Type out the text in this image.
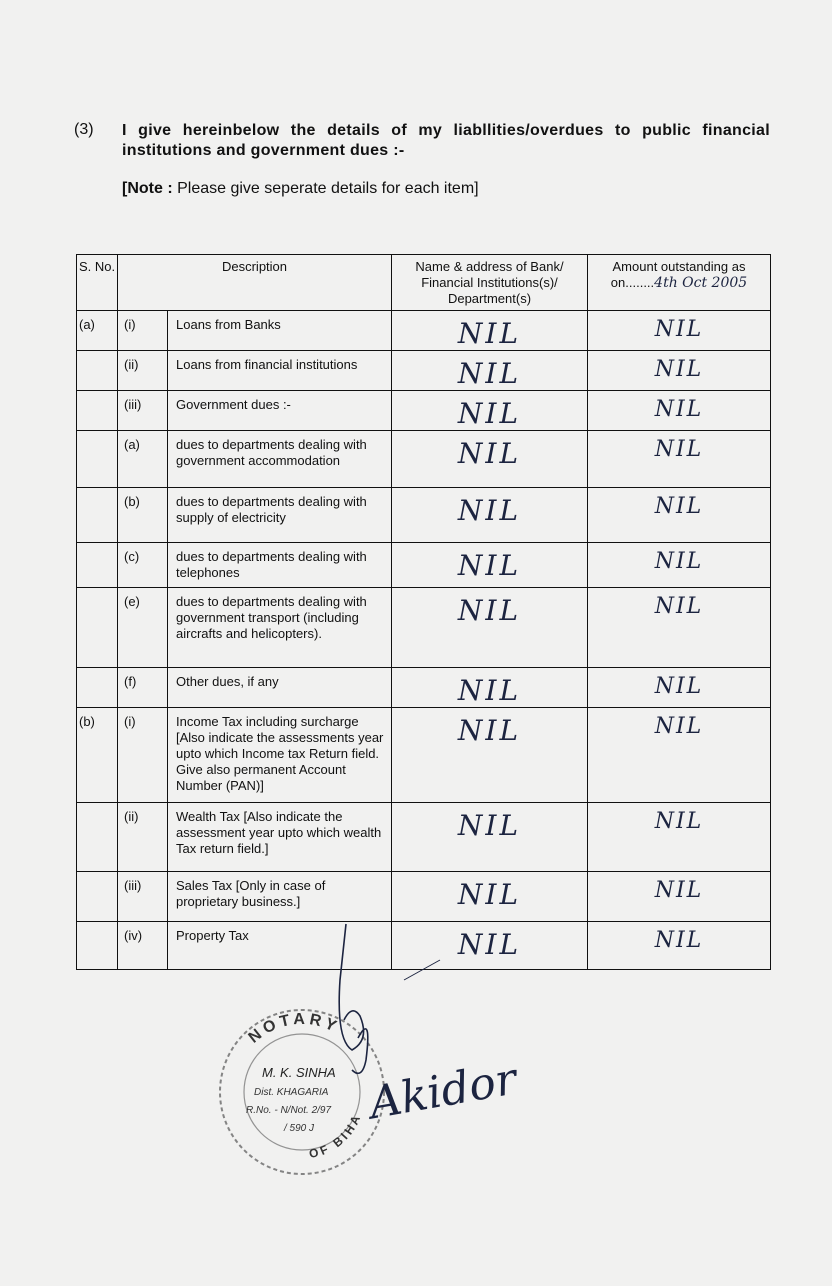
(3) I give hereinbelow the details of my liabllities/overdues to public financial institutions and government dues :-
[Note : Please give seperate details for each item]
S. No.	Description		Name & address of Bank/ Financial Institutions(s)/ Department(s)	Amount outstanding as
on........4th Oct 2005

(a)	(i)	Loans from Banks	NIL	NIL
	(ii)	Loans from financial institutions	NIL	NIL
	(iii)	Government dues :-	NIL	NIL
	(a)	dues to departments dealing with government accommodation	NIL	NIL
	(b)	dues to departments dealing with supply of electricity	NIL	NIL
	(c)	dues to departments dealing with telephones	NIL	NIL
	(e)	dues to departments dealing with government transport (including aircrafts and helicopters).	NIL	NIL
	(f)	Other dues, if any	NIL	NIL
(b)	(i)	Income Tax including surcharge [Also indicate the assessments year upto which Income tax Return field. Give also permanent Account Number (PAN)]	NIL	NIL
	(ii)	Wealth Tax [Also indicate the assessment year upto which wealth Tax return field.]	NIL	NIL
	(iii)	Sales Tax [Only in case of proprietary business.]	NIL	NIL
	(iv)	Property Tax	NIL	NIL
NOTARY
OF BIHA
M. K. SINHA
Dist. KHAGARIA
R.No. - N/Not. 2/97
/ 590 J Akidor
